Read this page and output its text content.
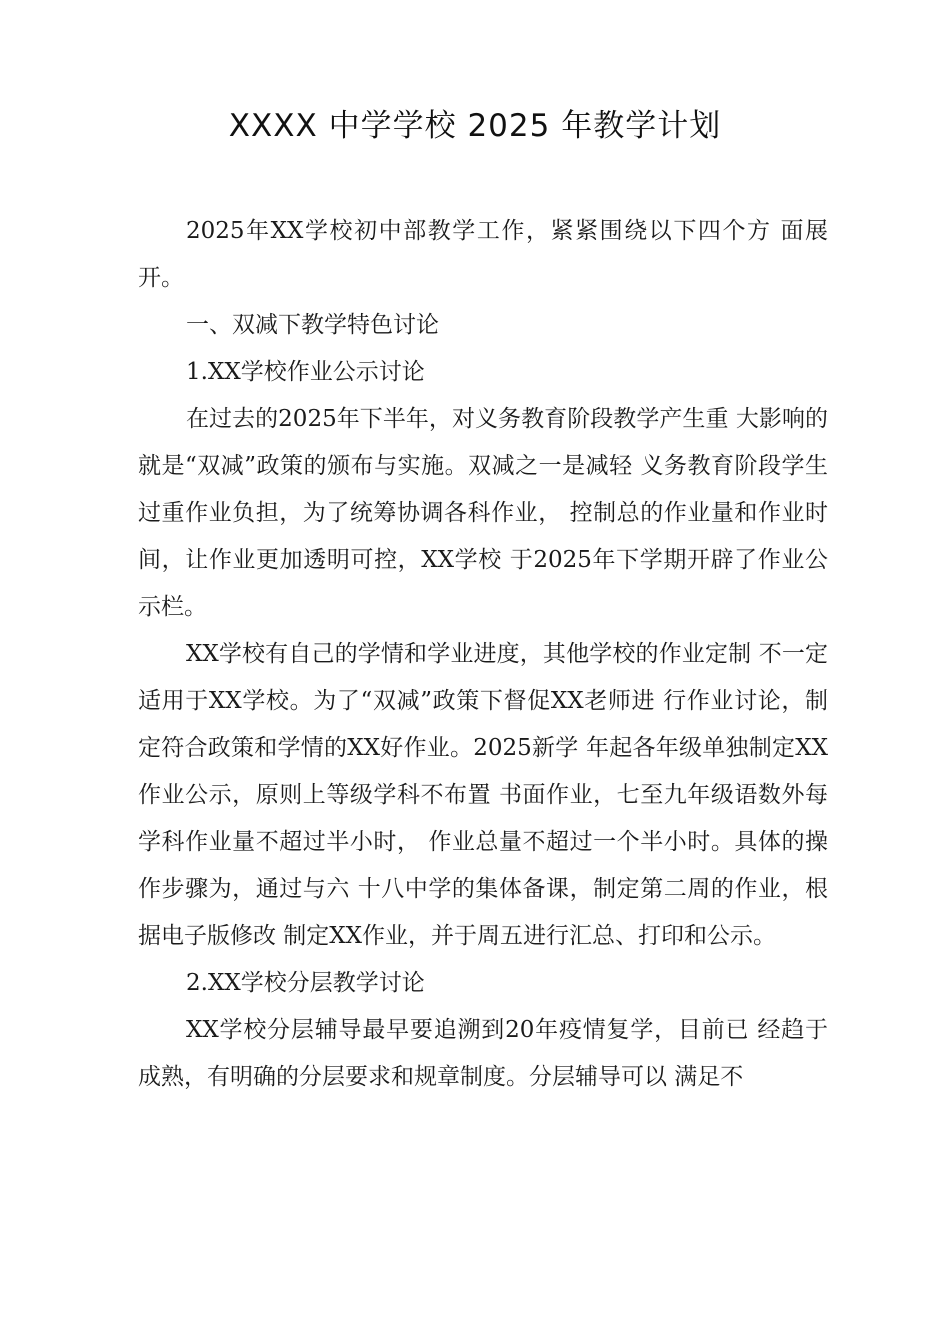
XXXX 中学学校 2025 年教学计划

2025年XX学校初中部教学工作，紧紧围绕以下四个方 面展开。

一、双减下教学特色讨论

1.XX学校作业公示讨论

在过去的2025年下半年，对义务教育阶段教学产生重 大影响的就是“双减”政策的颁布与实施。双减之一是减轻 义务教育阶段学生过重作业负担，为了统筹协调各科作业， 控制总的作业量和作业时间，让作业更加透明可控，XX学校 于2025年下学期开辟了作业公示栏。

XX学校有自己的学情和学业进度，其他学校的作业定制 不一定适用于XX学校。为了“双减”政策下督促XX老师进 行作业讨论，制定符合政策和学情的XX好作业。2025新学 年起各年级单独制定XX作业公示，原则上等级学科不布置 书面作业，七至九年级语数外每学科作业量不超过半小时， 作业总量不超过一个半小时。具体的操作步骤为，通过与六 十八中学的集体备课，制定第二周的作业，根据电子版修改 制定XX作业，并于周五进行汇总、打印和公示。

2.XX学校分层教学讨论

XX学校分层辅导最早要追溯到20年疫情复学，目前已 经趋于成熟，有明确的分层要求和规章制度。分层辅导可以 满足不
